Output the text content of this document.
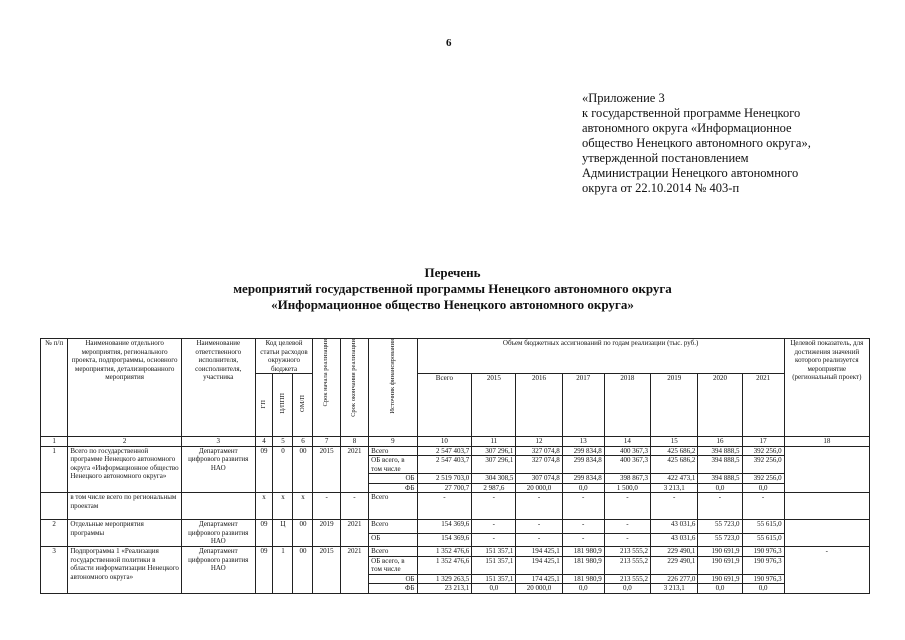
6
«Приложение 3
к государственной программе Ненецкого
автономного округа «Информационное
общество Ненецкого автономного округа»,
утвержденной постановлением
Администрации Ненецкого автономного
округа от 22.10.2014 № 403-п
Перечень
мероприятий государственной программы Ненецкого автономного округа
«Информационное общество Ненецкого автономного округа»
№ п/п	Наименование отдельного мероприятия, регионального проекта, подпрограммы, основного мероприятия, детализированного мероприятия	Наименование ответственного исполнителя, соисполнителя, участника	Код целевой статьи расходов окружного бюджета			Срок начала реализации	Срок окончания реализации	Источник финансирования	Объем бюджетных ассигнований по годам реализации (тыс. руб.)								Целевой показатель, для достижения значений которого реализуется мероприятие (региональный проект)
			ГП	Ц/ППП	ОМ/П				Всего	2015	2016	2017	2018	2019	2020	2021	

1	2	3	4	5	6	7	8	9	10	11	12	13	14	15	16	17	18
1	Всего по государственной программе Ненецкого автономного округа «Информационное общество Ненецкого автономного округа»	Департамент цифрового развития НАО	09	0	00	2015	2021	Всего	2 547 403,7	307 296,1	327 074,8	299 834,8	400 367,3	425 686,2	394 888,5	392 256,0	
								ОБ всего, в том числе	2 547 403,7	307 296,1	327 074,8	299 834,8	400 367,3	425 686,2	394 888,5	392 256,0	
								ОБ	2 519 703,0	304 308,5	307 074,8	299 834,8	398 867,3	422 473,1	394 888,5	392 256,0	
								ФБ	27 700,7	2 987,6	20 000,0	0,0	1 500,0	3 213,1	0,0	0,0	
	в том числе всего по региональным проектам		х	х	х	-	-	Всего	-	-	-	-	-	-	-	-	
2	Отдельные мероприятия программы	Департамент цифрового развития НАО	09	Ц	00	2019	2021	Всего	154 369,6	-	-	-	-	43 031,6	55 723,0	55 615,0	
								ОБ	154 369,6	-	-	-	-	43 031,6	55 723,0	55 615,0	
3	Подпрограмма 1 «Реализация государственной политики в области информатизации Ненецкого автономного округа»	Департамент цифрового развития НАО	09	1	00	2015	2021	Всего	1 352 476,6	151 357,1	194 425,1	181 980,9	213 555,2	229 490,1	190 691,9	190 976,3	-
								ОБ всего, в том числе	1 352 476,6	151 357,1	194 425,1	181 980,9	213 555,2	229 490,1	190 691,9	190 976,3	
								ОБ	1 329 263,5	151 357,1	174 425,1	181 980,9	213 555,2	226 277,0	190 691,9	190 976,3	
								ФБ	23 213,1	0,0	20 000,0	0,0	0,0	3 213,1	0,0	0,0	
